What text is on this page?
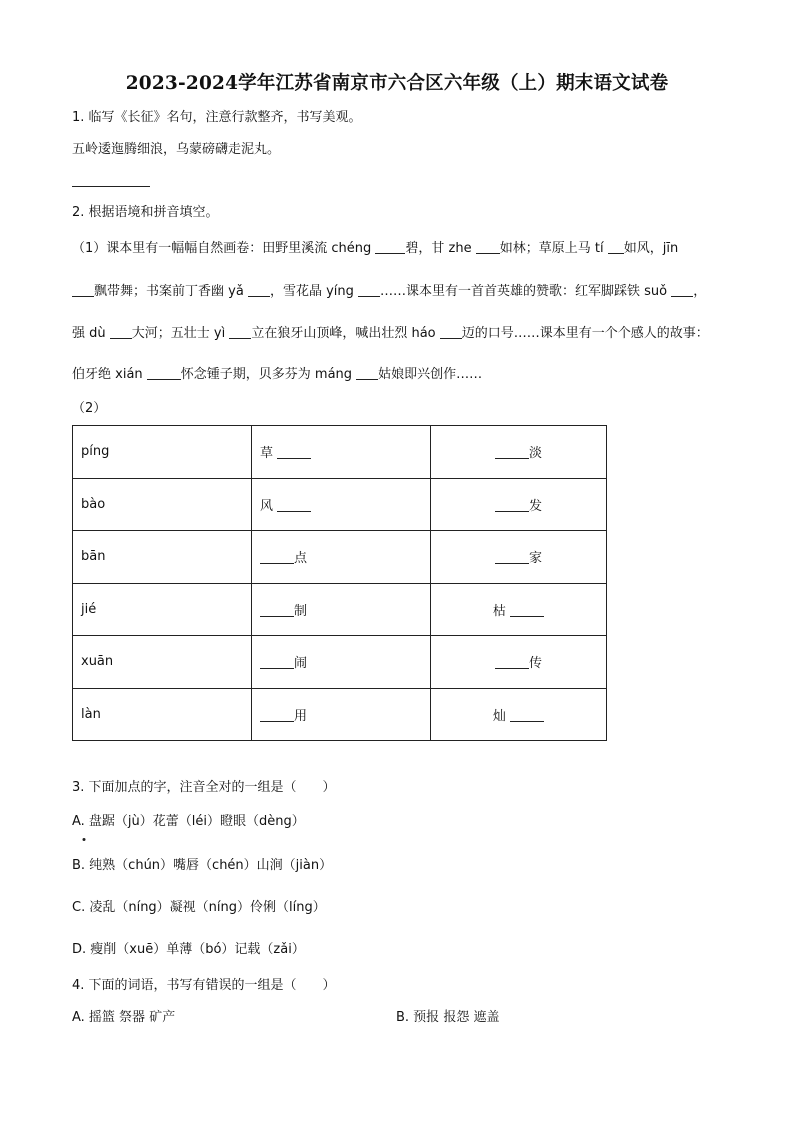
2023-2024学年江苏省南京市六合区六年级（上）期末语文试卷
1. 临写《长征》名句，注意行款整齐，书写美观。
五岭逶迤腾细浪，乌蒙磅礴走泥丸。
2. 根据语境和拼音填空。
（1）课本里有一幅幅自然画卷：田野里溪流 chéng 碧，甘 zhe 如林；草原上马 tí 如风，jīn
飘带舞；书案前丁香幽 yǎ ，雪花晶 yíng ……课本里有一首首英雄的赞歌：红军脚踩铁 suǒ ，
强 dù 大河；五壮士 yì 立在狼牙山顶峰，喊出壮烈 háo 迈的口号……课本里有一个个感人的故事：
伯牙绝 xián	怀念锺子期，贝多芬为 máng 姑娘即兴创作……
（2）
píng	草	淡
bào	风	发
bān	点	家
jié	制	枯
xuān	闹	传
làn	用	灿
3. 下面加点的字，注音全对的一组是（　　）
A. 盘踞（jù）花蕾（léi）瞪眼（dèng）
B. 纯熟（chún）嘴唇（chén）山涧（jiàn）
C. 凌乱（níng）凝视（níng）伶俐（líng）
D. 瘦削（xuē）单薄（bó）记载（zǎi）
4. 下面的词语，书写有错误的一组是（　　）
A. 摇篮 祭器 矿产	B. 预报 报怨 遮盖
